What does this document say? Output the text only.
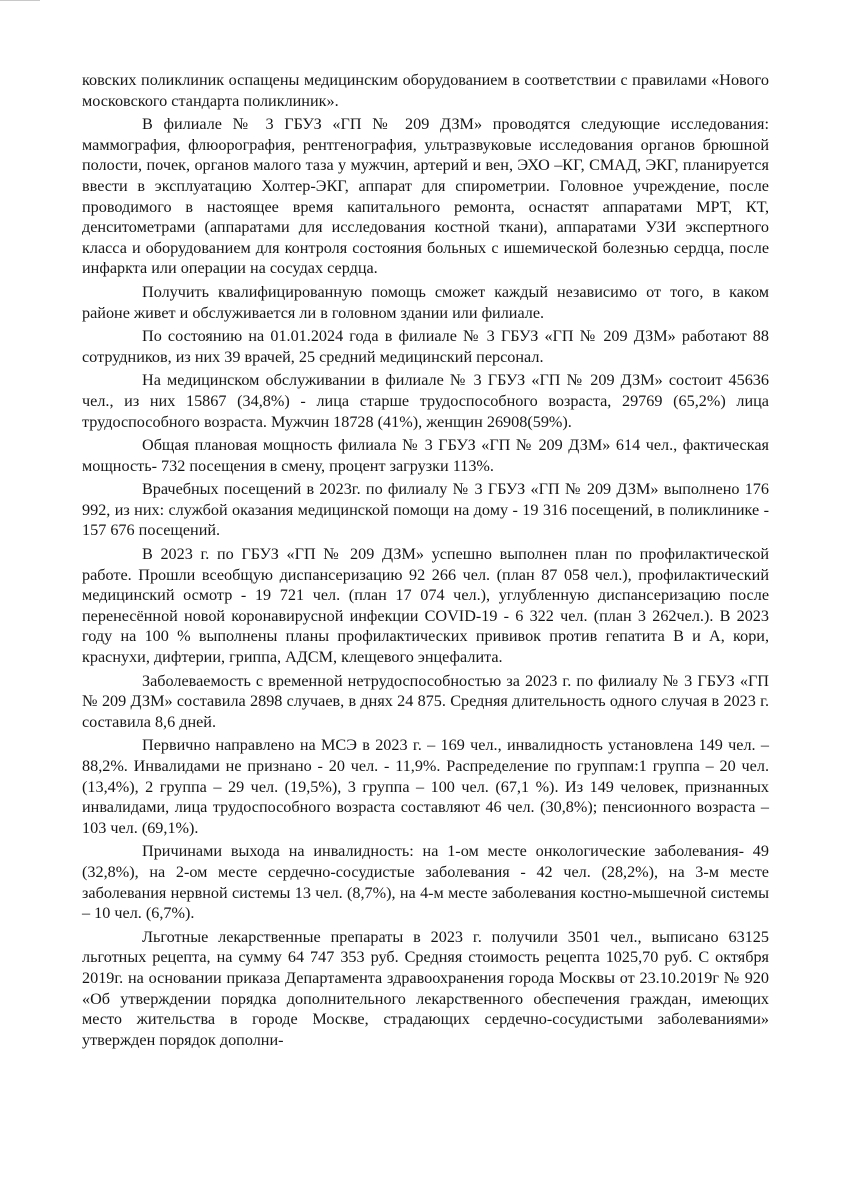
ковских поликлиник оспащены медицинским оборудованием в соответствии с правилами «Нового московского стандарта поликлиник».

В филиале № 3 ГБУЗ «ГП № 209 ДЗМ» проводятся следующие исследования: маммография, флюорография, рентгенография, ультразвуковые исследования органов брюшной полости, почек, органов малого таза у мужчин, артерий и вен, ЭХО –КГ, СМАД, ЭКГ, планируется ввести в эксплуатацию Холтер-ЭКГ, аппарат для спирометрии. Головное учреждение, после проводимого в настоящее время капитального ремонта, оснастят аппаратами МРТ, КТ, денситометрами (аппаратами для исследования костной ткани), аппаратами УЗИ экспертного класса и оборудованием для контроля состояния больных с ишемической болезнью сердца, после инфаркта или операции на сосудах сердца.

Получить квалифицированную помощь сможет каждый независимо от того, в каком районе живет и обслуживается ли в головном здании или филиале.

По состоянию на 01.01.2024 года в филиале № 3 ГБУЗ «ГП № 209 ДЗМ» работают 88 сотрудников, из них 39 врачей, 25 средний медицинский персонал.

На медицинском обслуживании в филиале № 3 ГБУЗ «ГП № 209 ДЗМ» состоит 45636 чел., из них 15867 (34,8%) - лица старше трудоспособного возраста, 29769 (65,2%) лица трудоспособного возраста. Мужчин 18728 (41%), женщин 26908(59%).

Общая плановая мощность филиала № 3 ГБУЗ «ГП № 209 ДЗМ» 614 чел., фактическая мощность- 732 посещения в смену, процент загрузки 113%.

Врачебных посещений в 2023г. по филиалу № 3 ГБУЗ «ГП № 209 ДЗМ» выполнено 176 992, из них: службой оказания медицинской помощи на дому - 19 316 посещений, в поликлинике - 157 676 посещений.

В 2023 г. по ГБУЗ «ГП № 209 ДЗМ» успешно выполнен план по профилактической работе. Прошли всеобщую диспансеризацию 92 266 чел. (план 87 058 чел.), профилактический медицинский осмотр - 19 721 чел. (план 17 074 чел.), углубленную диспансеризацию после перенесённой новой коронавирусной инфекции COVID-19 - 6 322 чел. (план 3 262чел.). В 2023 году на 100 % выполнены планы профилактических прививок против гепатита В и А, кори, краснухи, дифтерии, гриппа, АДСМ, клещевого энцефалита.

Заболеваемость с временной нетрудоспособностью за 2023 г. по филиалу № 3 ГБУЗ «ГП № 209 ДЗМ» составила 2898 случаев, в днях 24 875. Средняя длительность одного случая в 2023 г. составила 8,6 дней.

Первично направлено на МСЭ в 2023 г. – 169 чел., инвалидность установлена 149 чел. – 88,2%. Инвалидами не признано - 20 чел. - 11,9%. Распределение по группам:1 группа – 20 чел. (13,4%), 2 группа – 29 чел. (19,5%), 3 группа – 100 чел. (67,1 %). Из 149 человек, признанных инвалидами, лица трудоспособного возраста составляют 46 чел. (30,8%); пенсионного возраста – 103 чел. (69,1%).

Причинами выхода на инвалидность: на 1-ом месте онкологические заболевания- 49 (32,8%), на 2-ом месте сердечно-сосудистые заболевания - 42 чел. (28,2%), на 3-м месте заболевания нервной системы 13 чел. (8,7%), на 4-м месте заболевания костно-мышечной системы – 10 чел. (6,7%).

Льготные лекарственные препараты в 2023 г. получили 3501 чел., выписано 63125 льготных рецепта, на сумму 64 747 353 руб. Средняя стоимость рецепта 1025,70 руб. С октября 2019г. на основании приказа Департамента здравоохранения города Москвы от 23.10.2019г № 920 «Об утверждении порядка дополнительного лекарственного обеспечения граждан, имеющих место жительства в городе Москве, страдающих сердечно-сосудистыми заболеваниями» утвержден порядок дополни-
